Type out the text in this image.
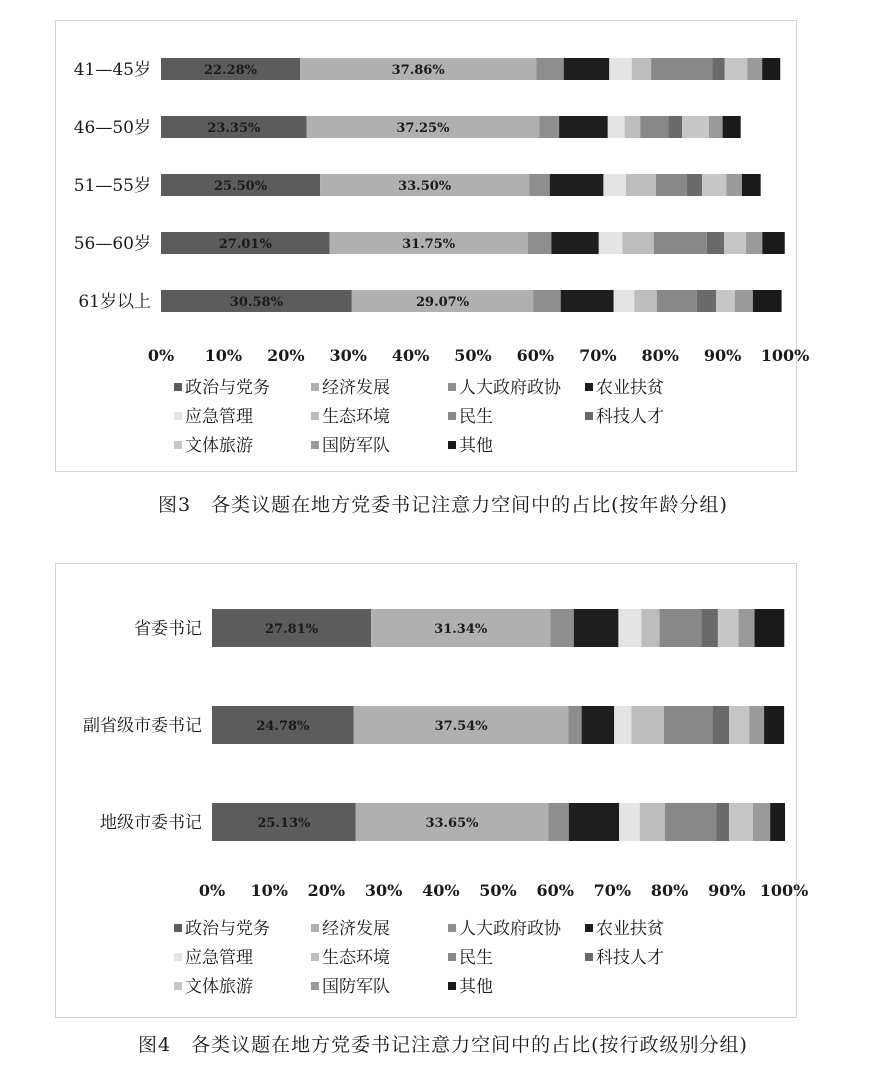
41—45岁	22.28%	37.86%
46—50岁	23.35%	37.25%
51—55岁	25.50%	33.50%
56—60岁	27.01%	31.75%
61岁以上	30.58%	29.07%
0% 10% 20% 30% 40% 50% 60% 70% 80% 90% 100%
政治与党务	经济发展	人大政府政协 农业扶贫
应急管理	生态环境	民生	科技人才
文体旅游	国防军队	其他
图3　各类议题在地方党委书记注意力空间中的占比(按年龄分组)
省委书记	27.81%	31.34%
副省级市委书记	24.78%	37.54%
地级市委书记	25.13%	33.65%
0% 10% 20% 30% 40% 50% 60% 70% 80% 90% 100%
政治与党务	经济发展	人大政府政协 农业扶贫
应急管理	生态环境	民生	科技人才
文体旅游	国防军队	其他
图4　各类议题在地方党委书记注意力空间中的占比(按行政级别分组)
